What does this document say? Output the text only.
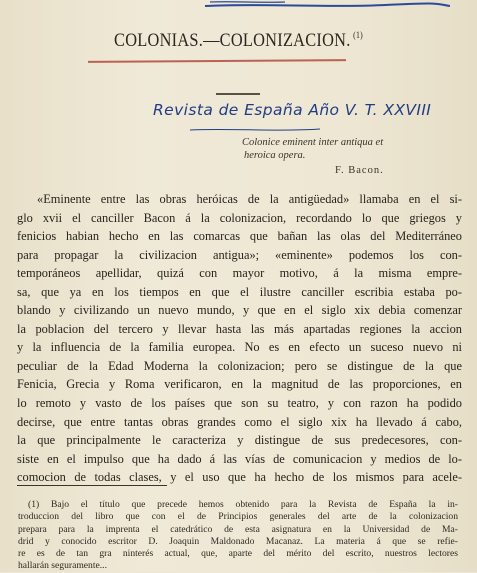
COLONIAS.—COLONIZACION. $^{(1)}$
Revista de España Año V. T. XXVIII
Colonice eminent inter antiqua et
heroica opera.
F. Bacon.
«Eminente entre las obras heróicas de la antigüedad» llamaba en el si-
glo xvii el canciller Bacon á la colonizacion, recordando lo que griegos y
fenicios habian hecho en las comarcas que bañan las olas del Mediterráneo
para propagar la civilizacion antigua»; «eminente» podemos los con-
temporáneos apellidar, quizá con mayor motivo, á la misma empre-
sa, que ya en los tiempos en que el ilustre canciller escribia estaba po-
blando y civilizando un nuevo mundo, y que en el siglo xix debia comenzar
la poblacion del tercero y llevar hasta las más apartadas regiones la accion
y la influencia de la familia europea. No es en efecto un suceso nuevo ni
peculiar de la Edad Moderna la colonizacion; pero se distingue de la que
Fenicia, Grecia y Roma verificaron, en la magnitud de las proporciones, en
lo remoto y vasto de los países que son su teatro, y con razon ha podido
decirse, que entre tantas obras grandes como el siglo xix ha llevado á cabo,
la que principalmente le caracteriza y distingue de sus predecesores, con-
siste en el impulso que ha dado á las vías de comunicacion y medios de lo-
comocion de todas clases, y el uso que ha hecho de los mismos para acele-
(1) Bajo el título que precede hemos obtenido para la Revista de España la in-
troduccion del libro que con el de Principios generales del arte de la colonizacion
prepara para la imprenta el catedrático de esta asignatura en la Universidad de Ma-
drid y conocido escritor D. Joaquin Maldonado Macanaz. La materia á que se refie-
re es de tan gra ninterés actual, que, aparte del mérito del escrito, nuestros lectores
hallarán seguramente...
